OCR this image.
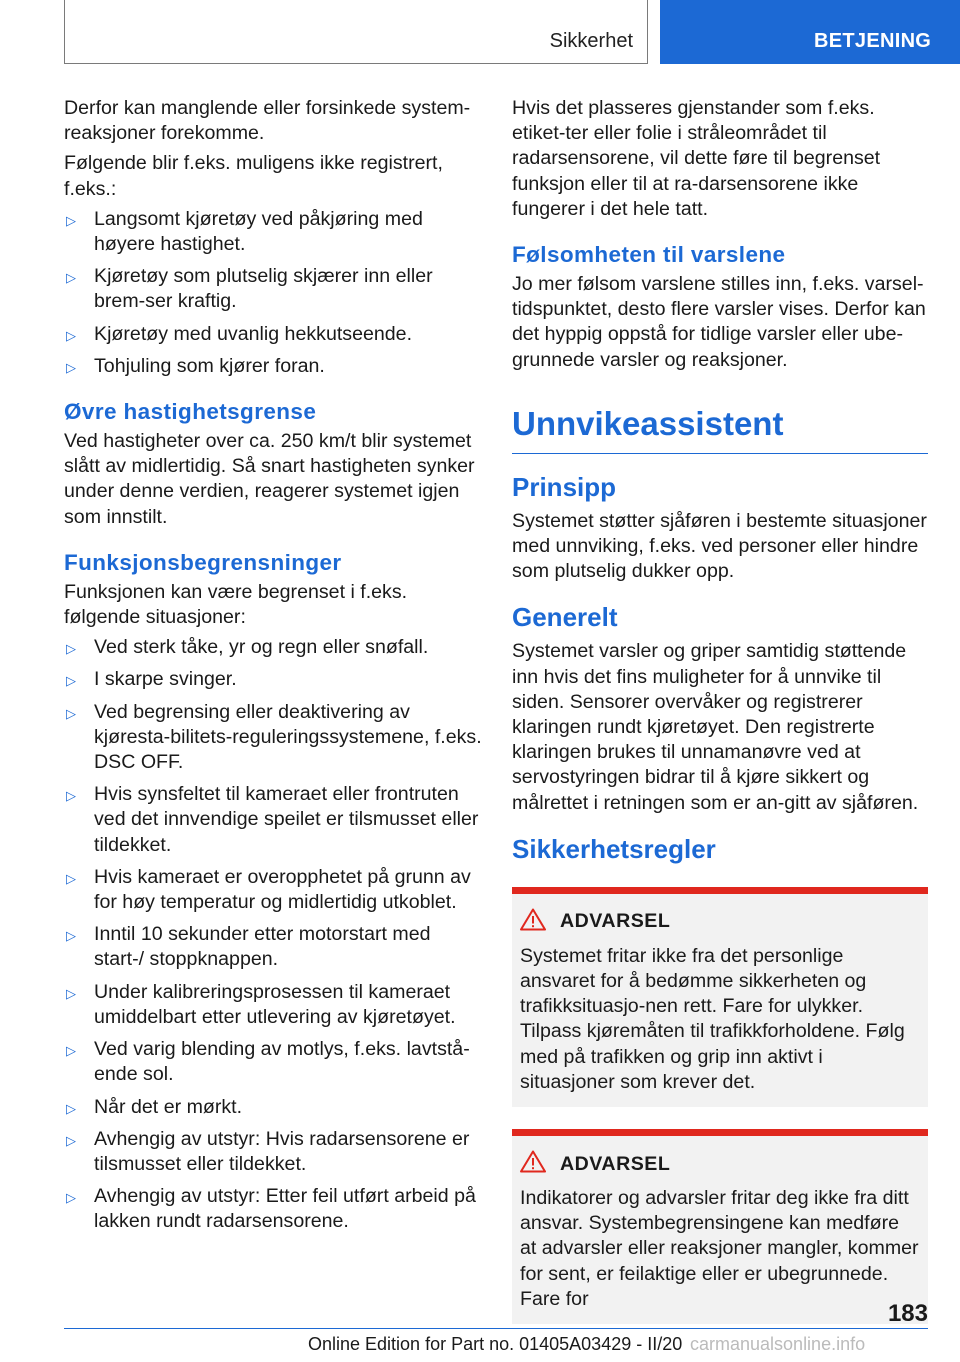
Sikkerhet	BETJENING

Derfor kan manglende eller forsinkede system‐reaksjoner forekomme.

Følgende blir f.eks. muligens ikke registrert, f.eks.:

▷ Langsomt kjøretøy ved påkjøring med høyere hastighet.
▷ Kjøretøy som plutselig skjærer inn eller brem‐ser kraftig.
▷ Kjøretøy med uvanlig hekkutseende.
▷ Tohjuling som kjører foran.
Øvre hastighetsgrense

Ved hastigheter over ca. 250 km/t blir systemet slått av midlertidig. Så snart hastigheten synker under denne verdien, reagerer systemet igjen som innstilt.

Funksjonsbegrensninger

Funksjonen kan være begrenset i f.eks. følgende situasjoner:

▷ Ved sterk tåke, yr og regn eller snøfall.
▷ I skarpe svinger.
▷ Ved begrensing eller deaktivering av kjøresta‐bilitets-reguleringssystemene, f.eks. DSC OFF.
▷ Hvis synsfeltet til kameraet eller frontruten ved det innvendige speilet er tilsmusset eller tildekket.
▷ Hvis kameraet er overopphetet på grunn av for høy temperatur og midlertidig utkoblet.
▷ Inntil 10 sekunder etter motorstart med start-/ stoppknappen.
▷ Under kalibreringsprosessen til kameraet umiddelbart etter utlevering av kjøretøyet.
▷ Ved varig blending av motlys, f.eks. lavtstå‐ende sol.
▷ Når det er mørkt.
▷ Avhengig av utstyr: Hvis radarsensorene er tilsmusset eller tildekket.
▷ Avhengig av utstyr: Etter feil utført arbeid på lakken rundt radarsensorene.

Hvis det plasseres gjenstander som f.eks. etiket‐ter eller folie i stråleområdet til radarsensorene, vil dette føre til begrenset funksjon eller til at ra‐darsensorene ikke fungerer i det hele tatt.

Følsomheten til varslene

Jo mer følsom varslene stilles inn, f.eks. varsel‐tidspunktet, desto flere varsler vises. Derfor kan det hyppig oppstå for tidlige varsler eller ube‐grunnede varsler og reaksjoner.

Unnvikeassistent
Prinsipp

Systemet støtter sjåføren i bestemte situasjoner med unnviking, f.eks. ved personer eller hindre som plutselig dukker opp.

Generelt

Systemet varsler og griper samtidig støttende inn hvis det fins muligheter for å unnvike til siden. Sensorer overvåker og registrerer klaringen rundt kjøretøyet. Den registrerte klaringen brukes til unnamanøvre ved at servostyringen bidrar til å kjøre sikkert og målrettet i retningen som er an‐gitt av sjåføren.

Sikkerhetsregler
ADVARSEL

Systemet fritar ikke fra det personlige ansvaret for å bedømme sikkerheten og trafikksituasjo‐nen rett. Fare for ulykker. Tilpass kjøremåten til trafikkforholdene. Følg med på trafikken og grip inn aktivt i situasjoner som krever det.

ADVARSEL

Indikatorer og advarsler fritar deg ikke fra ditt ansvar. Systembegrensingene kan medføre at advarsler eller reaksjoner mangler, kommer for sent, er feilaktige eller er ubegrunnede. Fare for

183
Online Edition for Part no. 01405A03429 - II/20 carmanualsonline.info
